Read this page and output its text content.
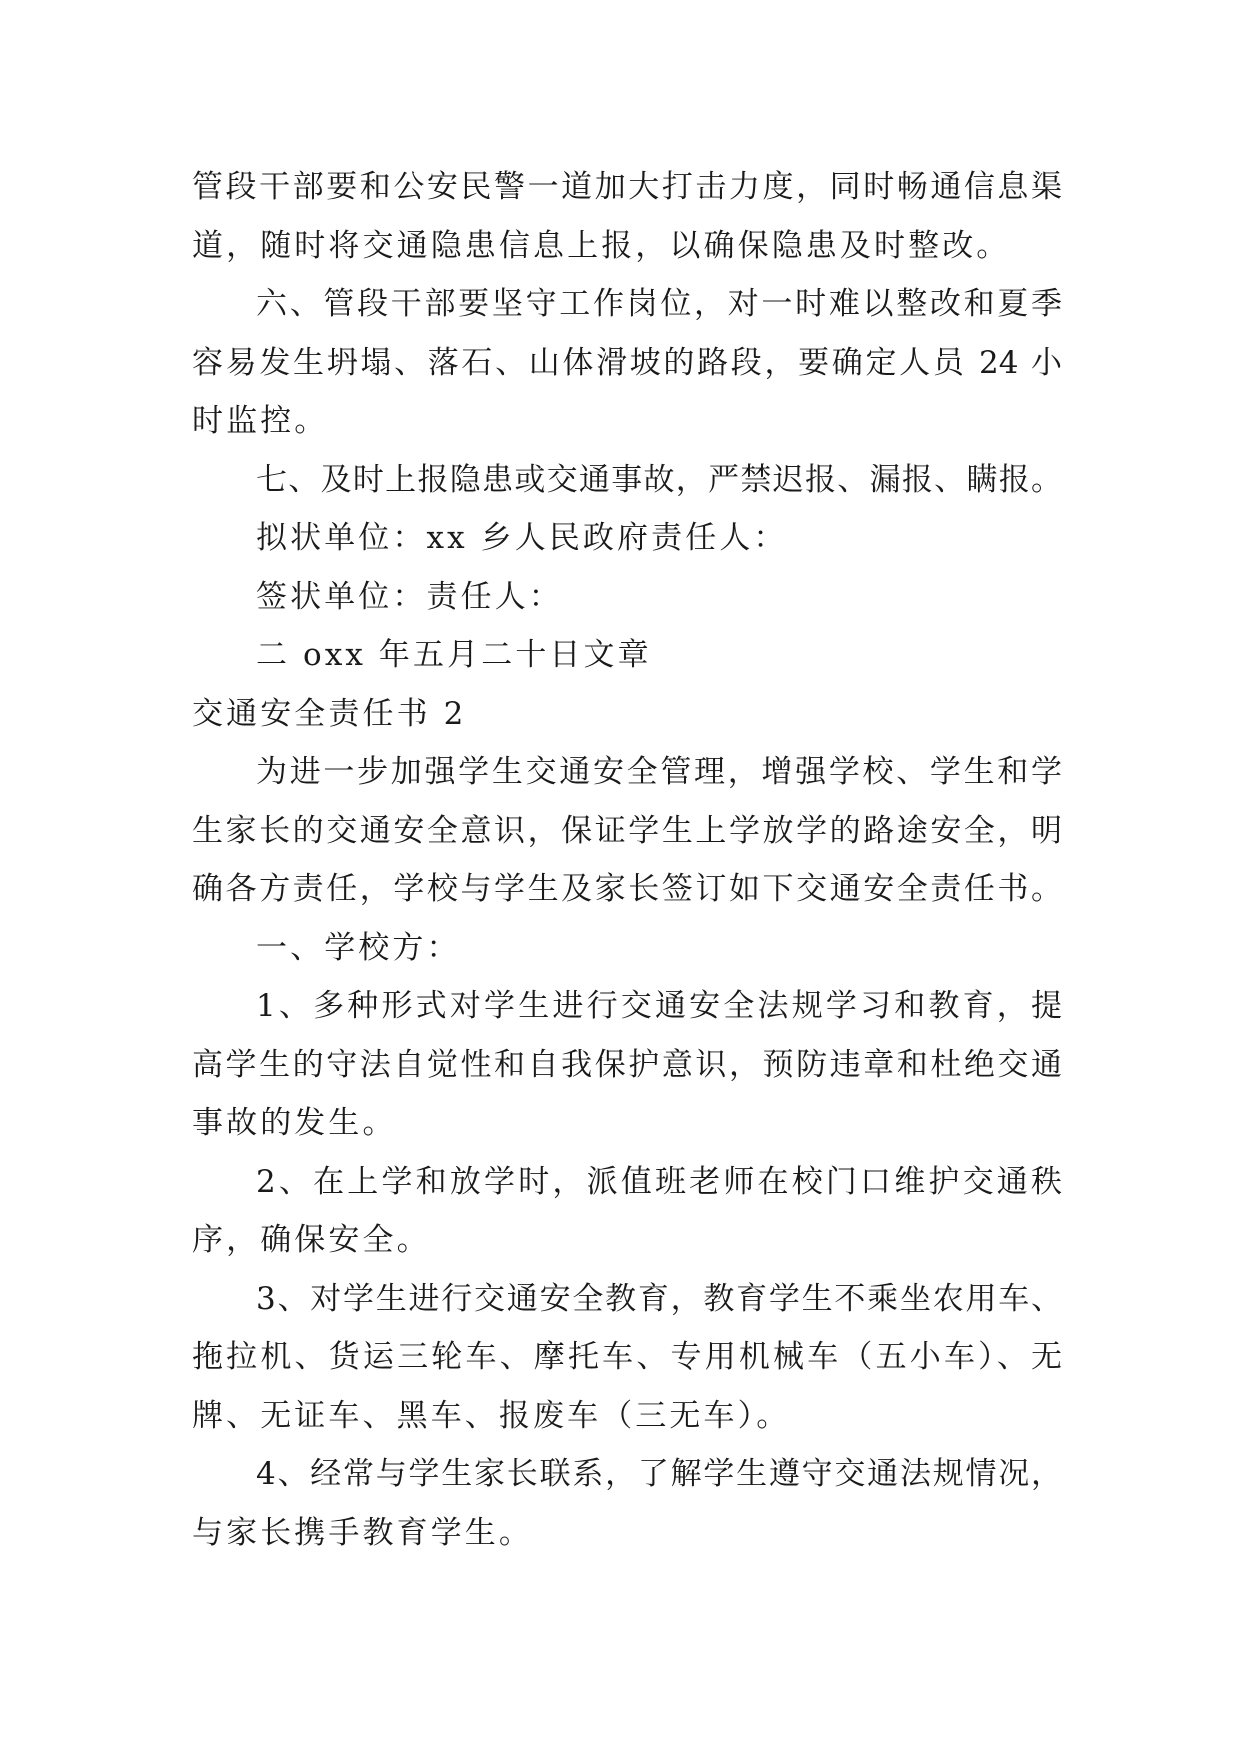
管段干部要和公安民警一道加大打击力度，同时畅通信息渠
道，随时将交通隐患信息上报，以确保隐患及时整改。
六、管段干部要坚守工作岗位，对一时难以整改和夏季
容易发生坍塌、落石、山体滑坡的路段，要确定人员 24 小
时监控。
七、及时上报隐患或交通事故，严禁迟报、漏报、瞒报。
拟状单位：xx 乡人民政府责任人：
签状单位：责任人：
二 oxx 年五月二十日文章
交通安全责任书 2
为进一步加强学生交通安全管理，增强学校、学生和学
生家长的交通安全意识，保证学生上学放学的路途安全，明
确各方责任，学校与学生及家长签订如下交通安全责任书。
一、学校方：
1、多种形式对学生进行交通安全法规学习和教育，提
高学生的守法自觉性和自我保护意识，预防违章和杜绝交通
事故的发生。
2、在上学和放学时，派值班老师在校门口维护交通秩
序，确保安全。
3、对学生进行交通安全教育，教育学生不乘坐农用车、
拖拉机、货运三轮车、摩托车、专用机械车（五小车）、无
牌、无证车、黑车、报废车（三无车）。
4、经常与学生家长联系，了解学生遵守交通法规情况，
与家长携手教育学生。
